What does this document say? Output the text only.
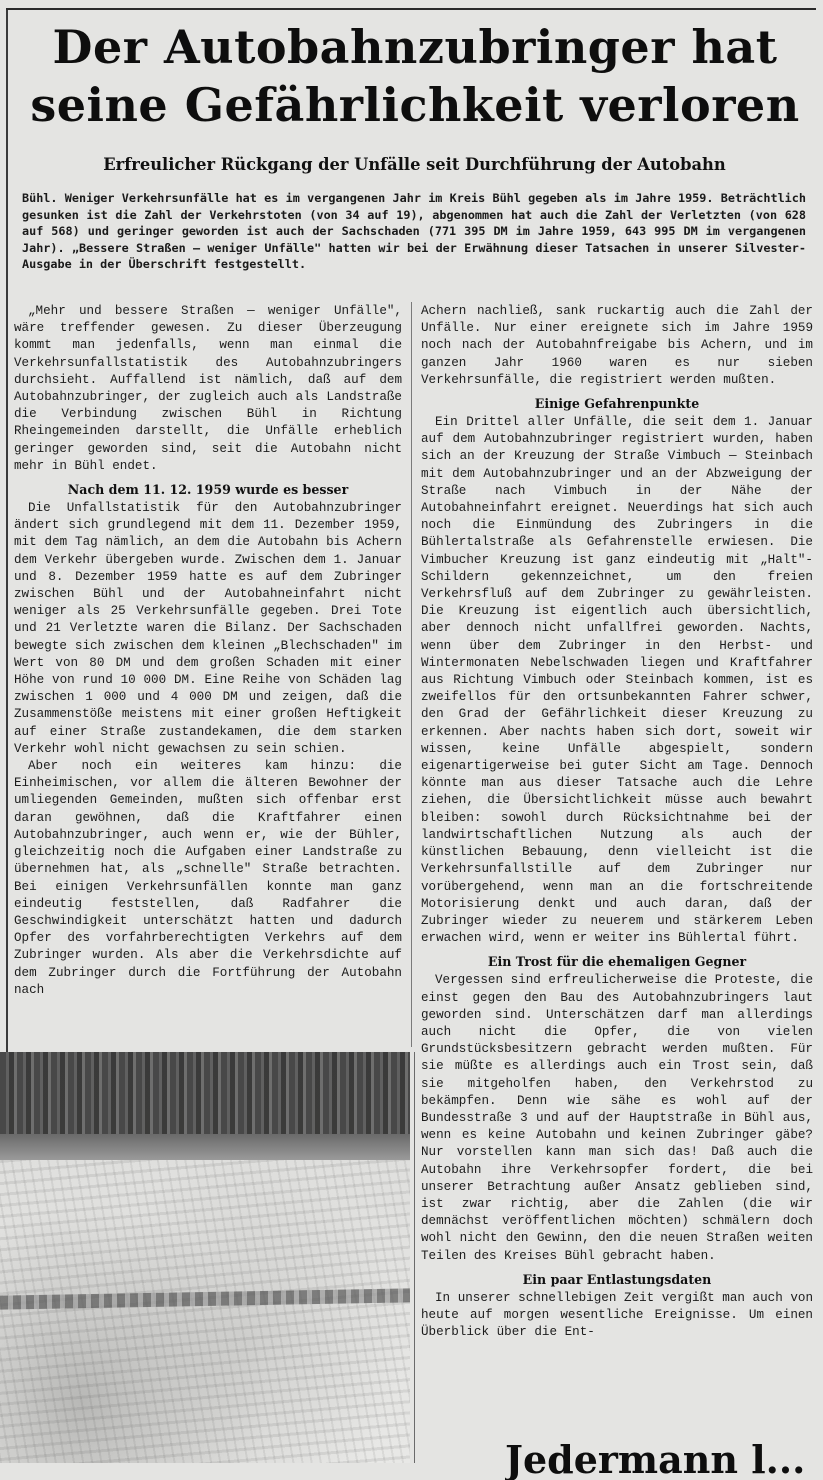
Der Autobahnzubringer hat
seine Gefährlichkeit verloren
Erfreulicher Rückgang der Unfälle seit Durchführung der Autobahn
Bühl. Weniger Verkehrsunfälle hat es im vergangenen Jahr im Kreis Bühl gegeben als im Jahre 1959. Beträchtlich gesunken ist die Zahl der Verkehrstoten (von 34 auf 19), abgenommen hat auch die Zahl der Verletzten (von 628 auf 568) und geringer geworden ist auch der Sachschaden (771 395 DM im Jahre 1959, 643 995 DM im vergangenen Jahr). „Bessere Straßen — weniger Unfälle" hatten wir bei der Erwähnung dieser Tatsachen in unserer Silvester-Ausgabe in der Überschrift festgestellt.

„Mehr und bessere Straßen — weniger Unfälle", wäre treffender gewesen. Zu dieser Überzeugung kommt man jedenfalls, wenn man einmal die Verkehrsunfallstatistik des Autobahnzubringers durchsieht. Auffallend ist nämlich, daß auf dem Autobahnzubringer, der zugleich auch als Landstraße die Verbindung zwischen Bühl in Richtung Rheingemeinden darstellt, die Unfälle erheblich geringer geworden sind, seit die Autobahn nicht mehr in Bühl endet.

Nach dem 11. 12. 1959 wurde es besser

Die Unfallstatistik für den Autobahnzubringer ändert sich grundlegend mit dem 11. Dezember 1959, mit dem Tag nämlich, an dem die Autobahn bis Achern dem Verkehr übergeben wurde. Zwischen dem 1. Januar und 8. Dezember 1959 hatte es auf dem Zubringer zwischen Bühl und der Autobahneinfahrt nicht weniger als 25 Verkehrsunfälle gegeben. Drei Tote und 21 Verletzte waren die Bilanz. Der Sachschaden bewegte sich zwischen dem kleinen „Blechschaden" im Wert von 80 DM und dem großen Schaden mit einer Höhe von rund 10 000 DM. Eine Reihe von Schäden lag zwischen 1 000 und 4 000 DM und zeigen, daß die Zusammenstöße meistens mit einer großen Heftigkeit auf einer Straße zustandekamen, die dem starken Verkehr wohl nicht gewachsen zu sein schien.

Aber noch ein weiteres kam hinzu: die Einheimischen, vor allem die älteren Bewohner der umliegenden Gemeinden, mußten sich offenbar erst daran gewöhnen, daß die Kraftfahrer einen Autobahnzubringer, auch wenn er, wie der Bühler, gleichzeitig noch die Aufgaben einer Landstraße zu übernehmen hat, als „schnelle" Straße betrachten. Bei einigen Verkehrsunfällen konnte man ganz eindeutig feststellen, daß Radfahrer die Geschwindigkeit unterschätzt hatten und dadurch Opfer des vorfahrberechtigten Verkehrs auf dem Zubringer wurden. Als aber die Verkehrsdichte auf dem Zubringer durch die Fortführung der Autobahn nach

Achern nachließ, sank ruckartig auch die Zahl der Unfälle. Nur einer ereignete sich im Jahre 1959 noch nach der Autobahnfreigabe bis Achern, und im ganzen Jahr 1960 waren es nur sieben Verkehrsunfälle, die registriert werden mußten.

Einige Gefahrenpunkte

Ein Drittel aller Unfälle, die seit dem 1. Januar auf dem Autobahnzubringer registriert wurden, haben sich an der Kreuzung der Straße Vimbuch — Steinbach mit dem Autobahnzubringer und an der Abzweigung der Straße nach Vimbuch in der Nähe der Autobahneinfahrt ereignet. Neuerdings hat sich auch noch die Einmündung des Zubringers in die Bühlertalstraße als Gefahrenstelle erwiesen. Die Vimbucher Kreuzung ist ganz eindeutig mit „Halt"-Schildern gekennzeichnet, um den freien Verkehrsfluß auf dem Zubringer zu gewährleisten. Die Kreuzung ist eigentlich auch übersichtlich, aber dennoch nicht unfallfrei geworden. Nachts, wenn über dem Zubringer in den Herbst- und Wintermonaten Nebelschwaden liegen und Kraftfahrer aus Richtung Vimbuch oder Steinbach kommen, ist es zweifellos für den ortsunbekannten Fahrer schwer, den Grad der Gefährlichkeit dieser Kreuzung zu erkennen. Aber nachts haben sich dort, soweit wir wissen, keine Unfälle abgespielt, sondern eigenartigerweise bei guter Sicht am Tage. Dennoch könnte man aus dieser Tatsache auch die Lehre ziehen, die Übersichtlichkeit müsse auch bewahrt bleiben: sowohl durch Rücksichtnahme bei der landwirtschaftlichen Nutzung als auch der künstlichen Bebauung, denn vielleicht ist die Verkehrsunfallstille auf dem Zubringer nur vorübergehend, wenn man an die fortschreitende Motorisierung denkt und auch daran, daß der Zubringer wieder zu neuerem und stärkerem Leben erwachen wird, wenn er weiter ins Bühlertal führt.

Ein Trost für die ehemaligen Gegner

Vergessen sind erfreulicherweise die Proteste, die einst gegen den Bau des Autobahnzubringers laut geworden sind. Unterschätzen darf man allerdings auch nicht die Opfer, die von vielen Grundstücksbesitzern gebracht werden mußten. Für sie müßte es allerdings auch ein Trost sein, daß sie mitgeholfen haben, den Verkehrstod zu bekämpfen. Denn wie sähe es wohl auf der Bundesstraße 3 und auf der Hauptstraße in Bühl aus, wenn es keine Autobahn und keinen Zubringer gäbe? Nur vorstellen kann man sich das! Daß auch die Autobahn ihre Verkehrsopfer fordert, die bei unserer Betrachtung außer Ansatz geblieben sind, ist zwar richtig, aber die Zahlen (die wir demnächst veröffentlichen möchten) schmälern doch wohl nicht den Gewinn, den die neuen Straßen weiten Teilen des Kreises Bühl gebracht haben.

Ein paar Entlastungsdaten

In unserer schnellebigen Zeit vergißt man auch von heute auf morgen wesentliche Ereignisse. Um einen Überblick über die Ent-

Jedermann l...
